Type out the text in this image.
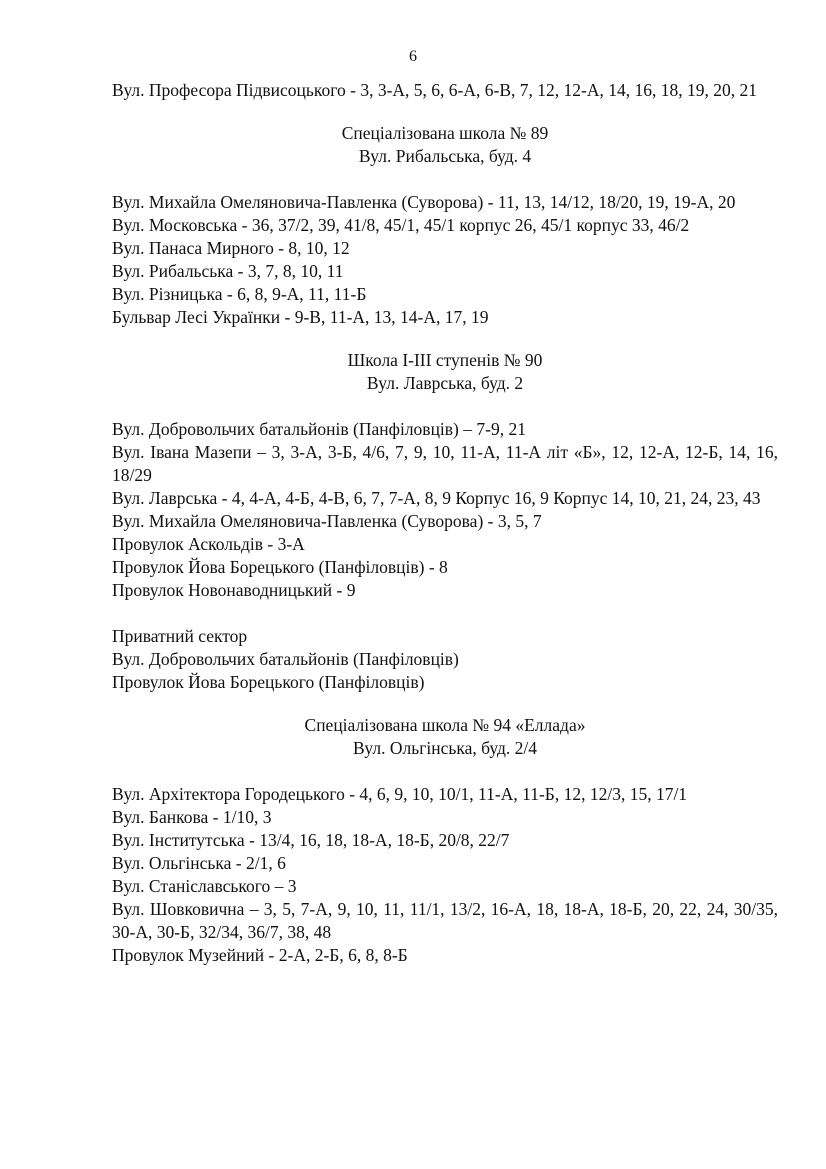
6
Вул. Професора Підвисоцького - 3, 3-А, 5, 6, 6-А, 6-В, 7, 12, 12-А, 14, 16, 18, 19, 20, 21
Спеціалізована школа № 89
Вул. Рибальська, буд. 4
Вул. Михайла Омеляновича-Павленка (Суворова) - 11, 13, 14/12, 18/20, 19, 19-А, 20
Вул. Московська - 36, 37/2, 39, 41/8, 45/1, 45/1 корпус 26, 45/1 корпус 33, 46/2
Вул. Панаса Мирного - 8, 10, 12
Вул. Рибальська - 3, 7, 8, 10, 11
Вул. Різницька - 6, 8, 9-А, 11, 11-Б
Бульвар Лесі Українки - 9-В, 11-А, 13, 14-А, 17, 19
Школа І-ІІІ ступенів № 90
Вул. Лаврська, буд. 2
Вул. Добровольчих батальйонів (Панфіловців) – 7-9, 21
Вул. Івана Мазепи – 3, 3-А, 3-Б, 4/6, 7, 9, 10, 11-А, 11-А літ «Б», 12, 12-А, 12-Б, 14, 16, 18/29
Вул. Лаврська - 4, 4-А, 4-Б, 4-В, 6, 7, 7-А, 8, 9 Корпус 16, 9 Корпус 14, 10, 21, 24, 23, 43
Вул. Михайла Омеляновича-Павленка (Суворова) - 3, 5, 7
Провулок Аскольдів - 3-А
Провулок Йова Борецького (Панфіловців) - 8
Провулок Новонаводницький - 9
Приватний сектор
Вул. Добровольчих батальйонів (Панфіловців)
Провулок Йова Борецького (Панфіловців)
Спеціалізована школа № 94 «Еллада»
Вул. Ольгінська, буд. 2/4
Вул. Архітектора Городецького - 4, 6, 9, 10, 10/1, 11-А, 11-Б, 12, 12/3, 15, 17/1
Вул. Банкова - 1/10, 3
Вул. Інститутська - 13/4, 16, 18, 18-А, 18-Б, 20/8, 22/7
Вул. Ольгінська - 2/1, 6
Вул. Станіславського – 3
Вул. Шовковична – 3, 5, 7-А, 9, 10, 11, 11/1, 13/2, 16-А, 18, 18-А, 18-Б, 20, 22, 24, 30/35, 30-А, 30-Б, 32/34, 36/7, 38, 48
Провулок Музейний - 2-А, 2-Б, 6, 8, 8-Б
